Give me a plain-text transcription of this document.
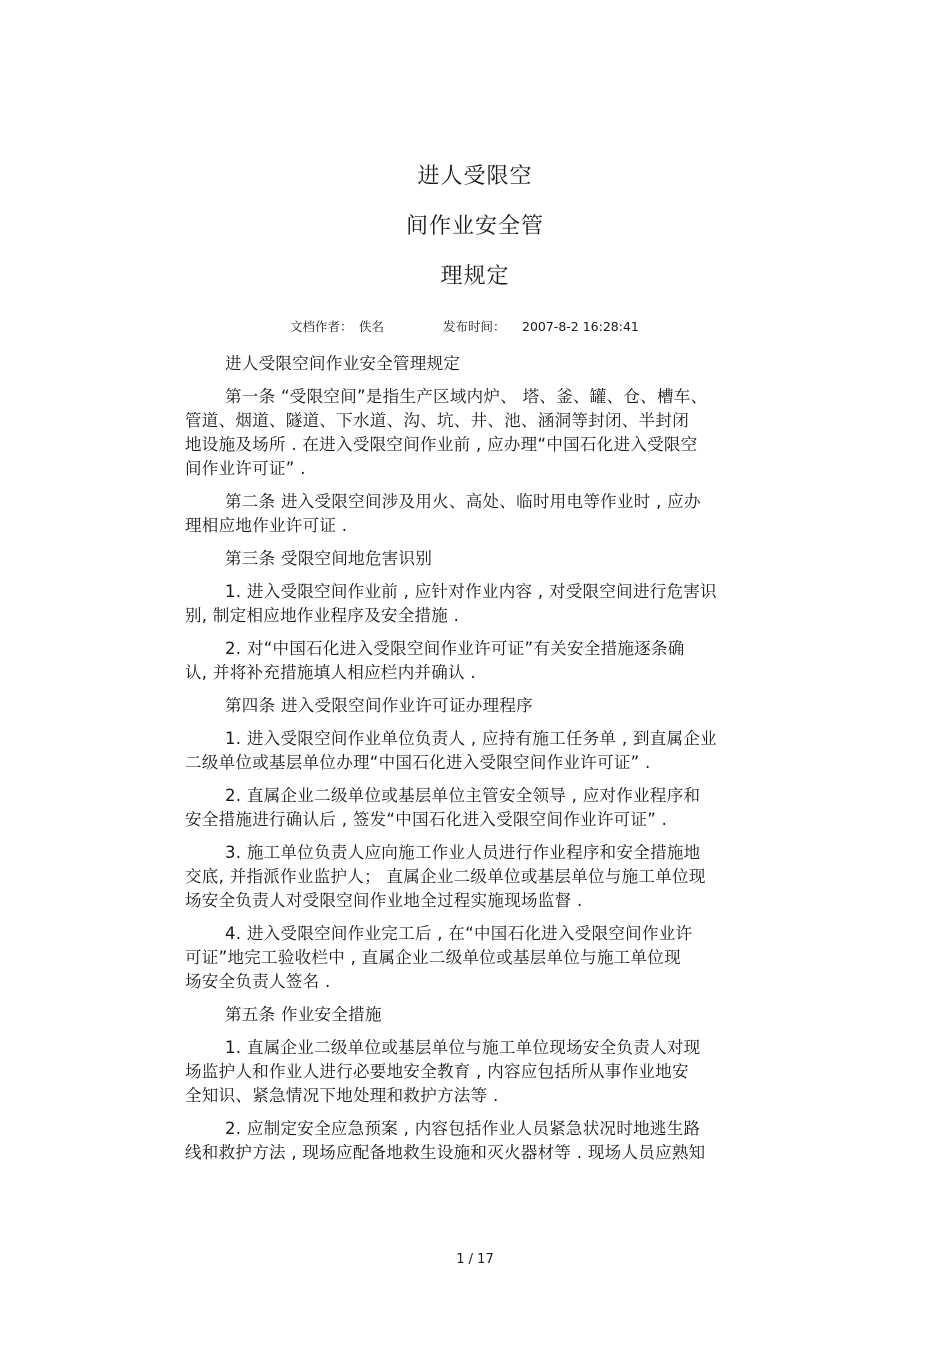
进人受限空
间作业安全管
理规定
文档作者： 佚名	发布时间： 2007-8-2 16:28:41
进人受限空间作业安全管理规定
第一条 “受限空间”是指生产区域内炉、 塔、釜、罐、仓、槽车、
管道、烟道、隧道、下水道、沟、坑、井、池、涵洞等封闭、半封闭
地设施及场所 . 在进入受限空间作业前 , 应办理“中国石化进入受限空
间作业许可证” .
第二条 进入受限空间涉及用火、高处、临时用电等作业时 , 应办
理相应地作业许可证 .
第三条 受限空间地危害识别
1. 进入受限空间作业前 , 应针对作业内容 , 对受限空间进行危害识
别, 制定相应地作业程序及安全措施 .
2. 对“中国石化进入受限空间作业许可证”有关安全措施逐条确
认, 并将补充措施填人相应栏内并确认 .
第四条 进入受限空间作业许可证办理程序
1. 进入受限空间作业单位负责人 , 应持有施工任务单 , 到直属企业
二级单位或基层单位办理“中国石化进入受限空间作业许可证” .
2. 直属企业二级单位或基层单位主管安全领导 , 应对作业程序和
安全措施进行确认后 , 签发“中国石化进入受限空间作业许可证” .
3. 施工单位负责人应向施工作业人员进行作业程序和安全措施地
交底, 并指派作业监护人； 直属企业二级单位或基层单位与施工单位现
场安全负责人对受限空间作业地全过程实施现场监督 .
4. 进入受限空间作业完工后 , 在“中国石化进入受限空间作业许
可证”地完工验收栏中 , 直属企业二级单位或基层单位与施工单位现
场安全负责人签名 .
第五条 作业安全措施
1. 直属企业二级单位或基层单位与施工单位现场安全负责人对现
场监护人和作业人进行必要地安全教育 , 内容应包括所从事作业地安
全知识、紧急情况下地处理和救护方法等 .
2. 应制定安全应急预案 , 内容包括作业人员紧急状况时地逃生路
线和救护方法 , 现场应配备地救生设施和灭火器材等 . 现场人员应熟知
1 / 17
